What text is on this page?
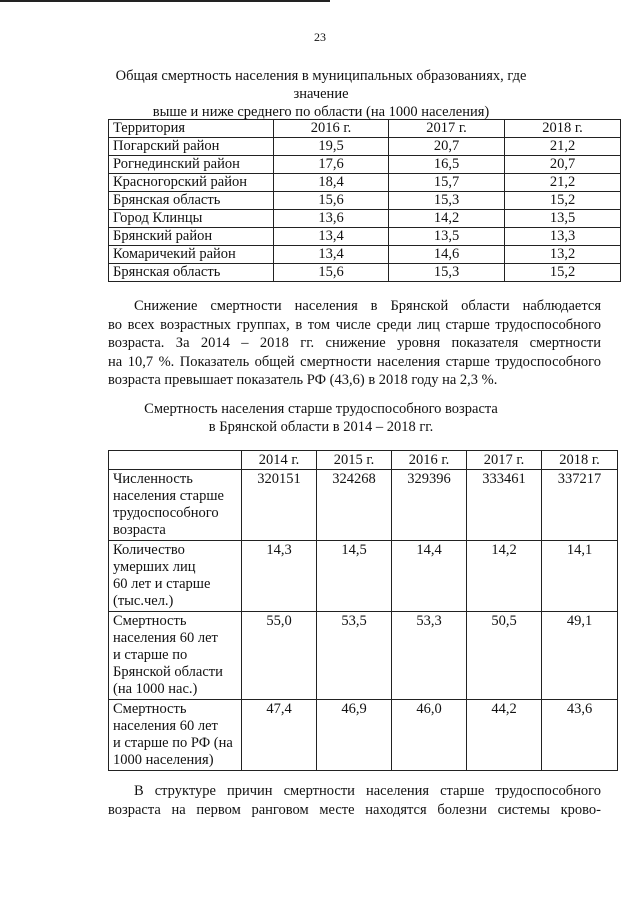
23
Общая смертность населения в муниципальных образованиях, где значение
выше и ниже среднего по области (на 1000 населения)
Территория	2016 г.	2017 г.	2018 г.
Погарский район	19,5	20,7	21,2
Рогнединский район	17,6	16,5	20,7
Красногорский район	18,4	15,7	21,2
Брянская область	15,6	15,3	15,2
Город Клинцы	13,6	14,2	13,5
Брянский район	13,4	13,5	13,3
Комаричекий район	13,4	14,6	13,2
Брянская область	15,6	15,3	15,2
Снижение смертности населения в Брянской области наблюдается
во всех возрастных группах, в том числе среди лиц старше трудоспособного
возраста. За 2014 – 2018 гг. снижение уровня показателя смертности
на 10,7 %. Показатель общей смертности населения старше трудоспособного
возраста превышает показатель РФ (43,6) в 2018 году на 2,3 %.
Смертность населения старше трудоспособного возраста
в Брянской области в 2014 – 2018 гг.
	2014 г.	2015 г.	2016 г.	2017 г.	2018 г.

Численность
населения старше
трудоспособного
возраста	320151	324268	329396	333461	337217

Количество
умерших лиц
60 лет и старше
(тыс.чел.)	14,3	14,5	14,4	14,2	14,1

Смертность
населения 60 лет
и старше по
Брянской области
(на 1000 нас.)	55,0	53,5	53,3	50,5	49,1

Смертность
населения 60 лет
и старше по РФ (на
1000 населения)	47,4	46,9	46,0	44,2	43,6
В структуре причин смертности населения старше трудоспособного
возраста на первом ранговом месте находятся болезни системы крово-
